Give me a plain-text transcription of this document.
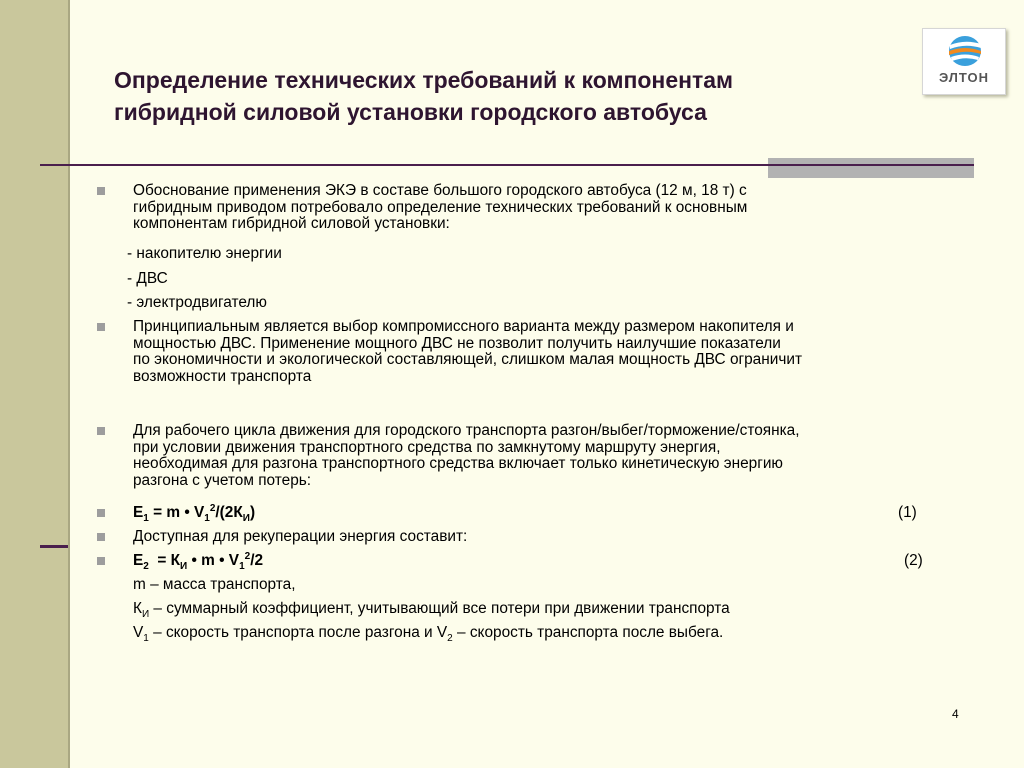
Определение технических требований к компонентам
гибридной силовой установки городского автобуса
ЭЛТОН
Обоснование применения ЭКЭ в составе большого городского автобуса (12 м, 18 т) с
гибридным приводом потребовало определение технических требований к основным
компонентам гибридной силовой установки:
- накопителю энергии
- ДВС
- электродвигателю
Принципиальным является выбор компромиссного варианта между размером накопителя и
мощностью ДВС. Применение мощного ДВС не позволит получить наилучшие показатели
по экономичности и экологической составляющей, слишком малая мощность ДВС ограничит
возможности транспорта
Для рабочего цикла движения для городского транспорта разгон/выбег/торможение/стоянка,
при условии движения транспортного средства по замкнутому маршруту энергия,
необходимая для разгона транспортного средства включает только кинетическую энергию
разгона с учетом потерь:
$E_1 = m$ • $V_1^2/(2К_И)$	(1)
Доступная для рекуперации энергия составит:
$E_2 = К_И$ • m • $V_1^2/2$	(2)
m – масса транспорта,
$К_И$ – суммарный коэффициент, учитывающий все потери при движении транспорта
$V_1$ – скорость транспорта после разгона и $V_2$ – скорость транспорта после выбега.
4
